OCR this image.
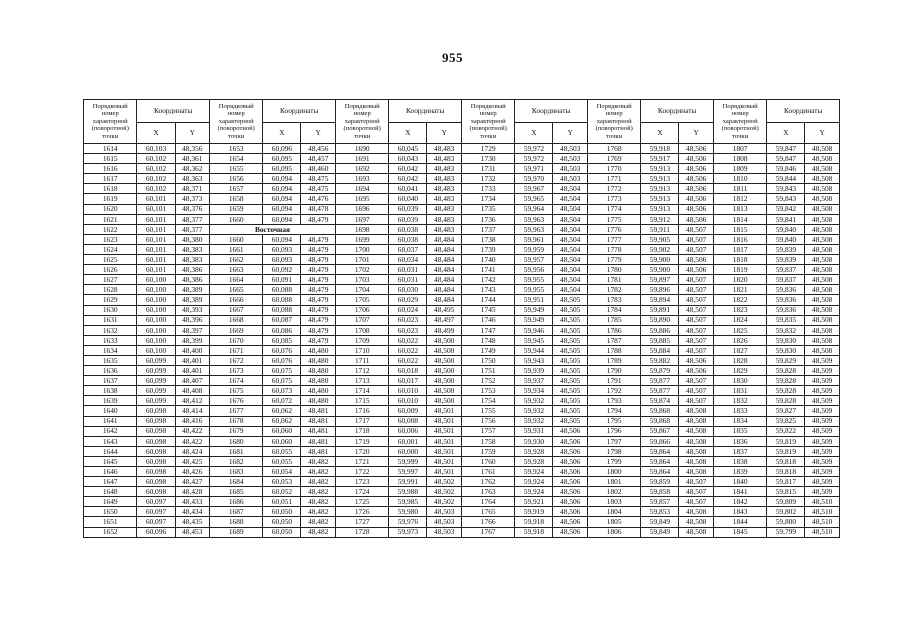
955
Порядковый номер характерной (поворотной) точки	Координаты		Порядковый номер характерной (поворотной) точки	Координаты		Порядковый номер характерной (поворотной) точки	Координаты		Порядковый номер характерной (поворотной) точки	Координаты		Порядковый номер характерной (поворотной) точки	Координаты		Порядковый номер характерной (поворотной) точки	Координаты	
	X	Y		X	Y		X	Y		X	Y		X	Y		X	Y
1614	60,103	48,356	1653	60,096	48,456	1690	60,045	48,483	1729	59,972	48,503	1768	59,918	48,506	1807	59,847	48,508
1615	60,102	48,361	1654	60,095	48,457	1691	60,043	48,483	1730	59,972	48,503	1769	59,917	48,506	1808	59,847	48,508
1616	60,102	48,362	1655	60,095	48,460	1692	60,042	48,483	1731	59,971	48,503	1770	59,913	48,506	1809	59,846	48,508
1617	60,102	48,363	1656	60,094	48,475	1693	60,042	48,483	1732	59,970	48,503	1771	59,913	48,506	1810	59,844	48,508
1618	60,102	48,371	1657	60,094	48,475	1694	60,041	48,483	1733	59,967	48,504	1772	59,913	48,506	1811	59,843	48,508
1619	60,101	48,373	1658	60,094	48,476	1695	60,040	48,483	1734	59,965	48,504	1773	59,913	48,506	1812	59,843	48,508
1620	60,101	48,376	1659	60,094	48,478	1696	60,039	48,483	1735	59,964	48,504	1774	59,913	48,506	1813	59,842	48,508
1621	60,101	48,377	1660	60,094	48,479	1697	60,039	48,483	1736	59,963	48,504	1775	59,912	48,506	1814	59,841	48,508
1622	60,101	48,377	Восточная			1698	60,038	48,483	1737	59,963	48,504	1776	59,911	48,507	1815	59,840	48,508
1623	60,101	48,380	1660	60,094	48,479	1699	60,038	48,484	1738	59,961	48,504	1777	59,905	48,507	1816	59,840	48,508
1624	60,101	48,383	1661	60,093	48,479	1700	60,037	48,484	1739	59,959	48,504	1778	59,902	48,507	1817	59,839	48,508
1625	60,101	48,383	1662	60,093	48,479	1701	60,034	48,484	1740	59,957	48,504	1779	59,900	48,506	1818	59,839	48,508
1626	60,101	48,386	1663	60,092	48,479	1702	60,031	48,484	1741	59,956	48,504	1780	59,900	48,506	1819	59,837	48,508
1627	60,100	48,386	1664	60,091	48,479	1703	60,031	48,484	1742	59,955	48,504	1781	59,897	48,507	1820	59,837	48,508
1628	60,100	48,389	1665	60,088	48,479	1704	60,030	48,484	1743	59,955	48,504	1782	59,896	48,507	1821	59,836	48,508
1629	60,100	48,389	1666	60,088	48,479	1705	60,029	48,484	1744	59,951	48,505	1783	59,894	48,507	1822	59,836	48,508
1630	60,100	48,393	1667	60,088	48,479	1706	60,024	48,495	1745	59,949	48,505	1784	59,891	48,507	1823	59,836	48,508
1631	60,100	48,396	1668	60,087	48,479	1707	60,023	48,497	1746	59,949	48,505	1785	59,890	48,507	1824	59,835	48,508
1632	60,100	48,397	1669	60,086	48,479	1708	60,023	48,499	1747	59,946	48,505	1786	59,886	48,507	1825	59,832	48,508
1633	60,100	48,399	1670	60,085	48,479	1709	60,022	48,500	1748	59,945	48,505	1787	59,885	48,507	1826	59,830	48,508
1634	60,100	48,400	1671	60,076	48,480	1710	60,022	48,500	1749	59,944	48,505	1788	59,884	48,507	1827	59,830	48,508
1635	60,099	48,401	1672	60,076	48,480	1711	60,022	48,500	1750	59,943	48,505	1789	59,882	48,506	1828	59,829	48,509
1636	60,099	48,401	1673	60,075	48,480	1712	60,018	48,500	1751	59,939	48,505	1790	59,879	48,506	1829	59,828	48,509
1637	60,099	48,407	1674	60,075	48,480	1713	60,017	48,500	1752	59,937	48,505	1791	59,877	48,507	1830	59,828	48,509
1638	60,099	48,408	1675	60,073	48,480	1714	60,010	48,500	1753	59,934	48,505	1792	59,877	48,507	1831	59,828	48,509
1639	60,099	48,412	1676	60,072	48,480	1715	60,010	48,500	1754	59,932	48,505	1793	59,874	48,507	1832	59,828	48,509
1640	60,098	48,414	1677	60,062	48,481	1716	60,009	48,501	1755	59,932	48,505	1794	59,868	48,508	1833	59,827	48,509
1641	60,098	48,416	1678	60,062	48,481	1717	60,008	48,501	1756	59,932	48,505	1795	59,868	48,508	1834	59,825	48,509
1642	60,098	48,422	1679	60,060	48,481	1718	60,006	48,501	1757	59,931	48,506	1796	59,867	48,508	1835	59,822	48,509
1643	60,098	48,422	1680	60,060	48,481	1719	60,001	48,501	1758	59,930	48,506	1797	59,866	48,508	1836	59,819	48,509
1644	60,098	48,424	1681	60,055	48,481	1720	60,000	48,501	1759	59,928	48,506	1798	59,864	48,508	1837	59,819	48,509
1645	60,098	48,425	1682	60,055	48,482	1721	59,999	48,501	1760	59,928	48,506	1799	59,864	48,508	1838	59,818	48,509
1646	60,098	48,426	1683	60,054	48,482	1722	59,997	48,501	1761	59,924	48,506	1800	59,864	48,508	1839	59,818	48,509
1647	60,098	48,427	1684	60,053	48,482	1723	59,991	48,502	1762	59,924	48,506	1801	59,859	48,507	1840	59,817	48,509
1648	60,098	48,428	1685	60,052	48,482	1724	59,988	48,502	1763	59,924	48,506	1802	59,858	48,507	1841	59,815	48,509
1649	60,097	48,433	1686	60,051	48,482	1725	59,985	48,502	1764	59,921	48,506	1803	59,857	48,507	1842	59,809	48,510
1650	60,097	48,434	1687	60,050	48,482	1726	59,980	48,503	1765	59,919	48,506	1804	59,853	48,508	1843	59,802	48,510
1651	60,097	48,435	1688	60,050	48,482	1727	59,976	48,503	1766	59,918	48,506	1805	59,849	48,508	1844	59,800	48,510
1652	60,096	48,453	1689	60,050	48,482	1728	59,973	48,503	1767	59,918	48,506	1806	59,849	48,508	1845	59,799	48,510
